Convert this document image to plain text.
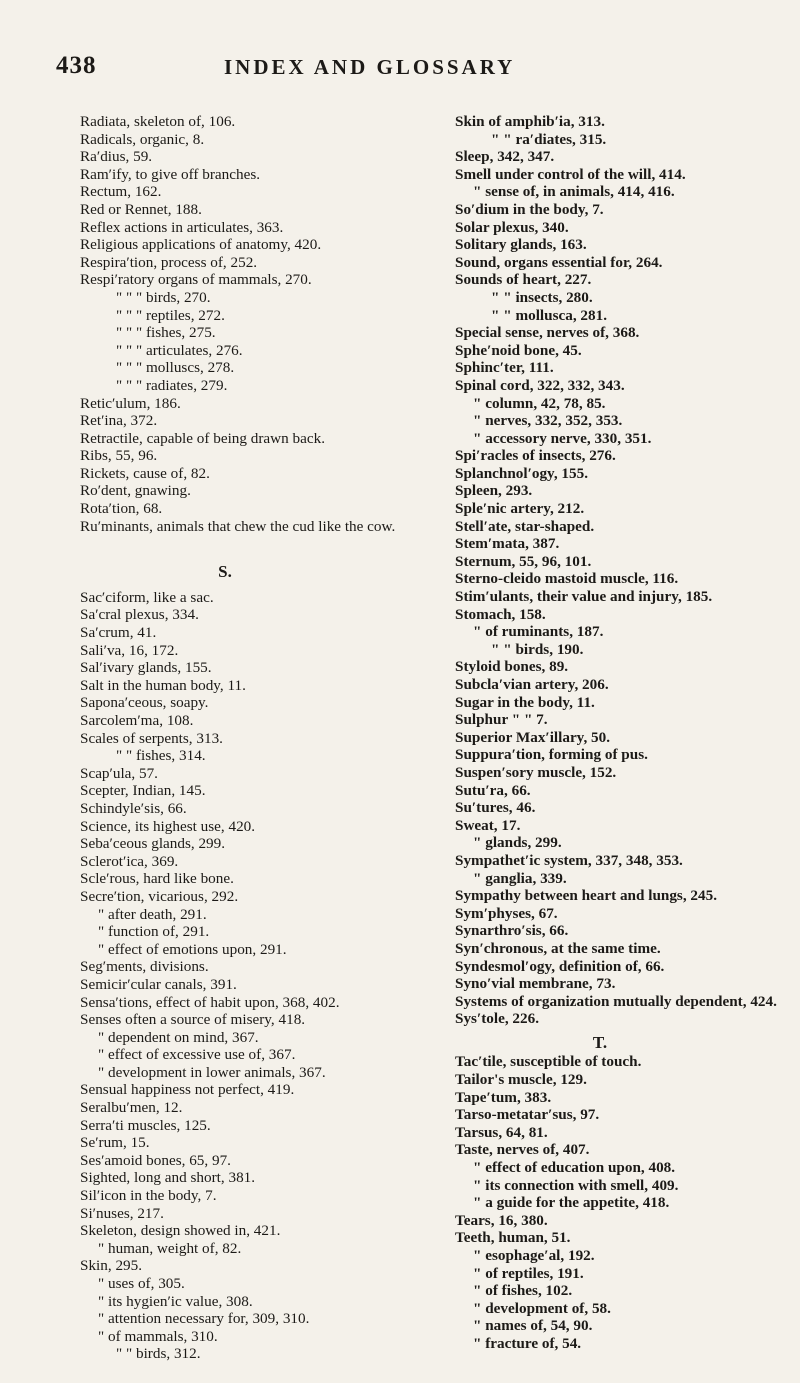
438	INDEX AND GLOSSARY
Radiata, skeleton of, 106.
Radicals, organic, 8.
Ra′dius, 59.
Ram′ify, to give off branches.
Rectum, 162.
Red or Rennet, 188.
Reflex actions in articulates, 363.
Religious applications of anatomy, 420.
Respira′tion, process of, 252.
Respi′ratory organs of mammals, 270.
" " " birds, 270.
" " " reptiles, 272.
" " " fishes, 275.
" " " articulates, 276.
" " " molluscs, 278.
" " " radiates, 279.
Retic′ulum, 186.
Ret′ina, 372.
Retractile, capable of being drawn back.
Ribs, 55, 96.
Rickets, cause of, 82.
Ro′dent, gnawing.
Rota′tion, 68.
Ru′minants, animals that chew the cud like the cow.
S.
Sac′ciform, like a sac.
Sa′cral plexus, 334.
Sa′crum, 41.
Sali′va, 16, 172.
Sal′ivary glands, 155.
Salt in the human body, 11.
Sapona′ceous, soapy.
Sarcolem′ma, 108.
Scales of serpents, 313.
" " fishes, 314.
Scap′ula, 57.
Scepter, Indian, 145.
Schindyle′sis, 66.
Science, its highest use, 420.
Seba′ceous glands, 299.
Sclerot′ica, 369.
Scle′rous, hard like bone.
Secre′tion, vicarious, 292.
" after death, 291.
" function of, 291.
" effect of emotions upon, 291.
Seg′ments, divisions.
Semicir′cular canals, 391.
Sensa′tions, effect of habit upon, 368, 402.
Senses often a source of misery, 418.
" dependent on mind, 367.
" effect of excessive use of, 367.
" development in lower animals, 367.
Sensual happiness not perfect, 419.
Seralbu′men, 12.
Serra′ti muscles, 125.
Se′rum, 15.
Ses′amoid bones, 65, 97.
Sighted, long and short, 381.
Sil′icon in the body, 7.
Si′nuses, 217.
Skeleton, design showed in, 421.
" human, weight of, 82.
Skin, 295.
" uses of, 305.
" its hygien′ic value, 308.
" attention necessary for, 309, 310.
" of mammals, 310.
" " birds, 312.
Skin of amphib′ia, 313.
" " ra′diates, 315.
Sleep, 342, 347.
Smell under control of the will, 414.
" sense of, in animals, 414, 416.
So′dium in the body, 7.
Solar plexus, 340.
Solitary glands, 163.
Sound, organs essential for, 264.
Sounds of heart, 227.
" " insects, 280.
" " mollusca, 281.
Special sense, nerves of, 368.
Sphe′noid bone, 45.
Sphinc′ter, 111.
Spinal cord, 322, 332, 343.
" column, 42, 78, 85.
" nerves, 332, 352, 353.
" accessory nerve, 330, 351.
Spi′racles of insects, 276.
Splanchnol′ogy, 155.
Spleen, 293.
Sple′nic artery, 212.
Stell′ate, star-shaped.
Stem′mata, 387.
Sternum, 55, 96, 101.
Sterno-cleido mastoid muscle, 116.
Stim′ulants, their value and injury, 185.
Stomach, 158.
" of ruminants, 187.
" " birds, 190.
Styloid bones, 89.
Subcla′vian artery, 206.
Sugar in the body, 11.
Sulphur " " 7.
Superior Max′illary, 50.
Suppura′tion, forming of pus.
Suspen′sory muscle, 152.
Sutu′ra, 66.
Su′tures, 46.
Sweat, 17.
" glands, 299.
Sympathet′ic system, 337, 348, 353.
" ganglia, 339.
Sympathy between heart and lungs, 245.
Sym′physes, 67.
Synarthro′sis, 66.
Syn′chronous, at the same time.
Syndesmol′ogy, definition of, 66.
Syno′vial membrane, 73.
Systems of organization mutually dependent, 424.
Sys′tole, 226.
T.
Tac′tile, susceptible of touch.
Tailor's muscle, 129.
Tape′tum, 383.
Tarso-metatar′sus, 97.
Tarsus, 64, 81.
Taste, nerves of, 407.
" effect of education upon, 408.
" its connection with smell, 409.
" a guide for the appetite, 418.
Tears, 16, 380.
Teeth, human, 51.
" esophage′al, 192.
" of reptiles, 191.
" of fishes, 102.
" development of, 58.
" names of, 54, 90.
" fracture of, 54.
